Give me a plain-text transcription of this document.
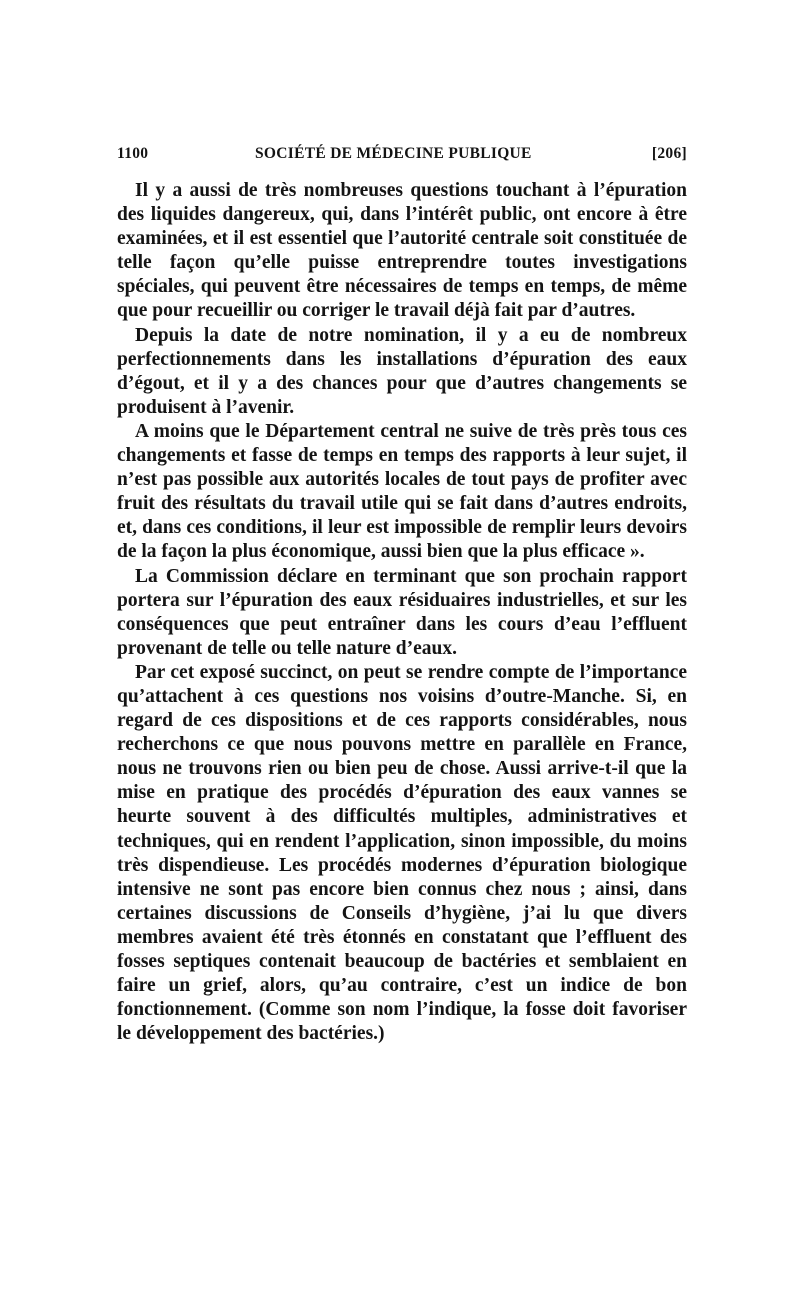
1100	SOCIÉTÉ DE MÉDECINE PUBLIQUE	[206]

Il y a aussi de très nombreuses questions touchant à l’épuration des liquides dangereux, qui, dans l’intérêt public, ont encore à être examinées, et il est essentiel que l’autorité centrale soit constituée de telle façon qu’elle puisse entreprendre toutes investigations spéciales, qui peuvent être nécessaires de temps en temps, de même que pour recueillir ou corriger le travail déjà fait par d’autres.

Depuis la date de notre nomination, il y a eu de nombreux perfectionnements dans les installations d’épuration des eaux d’égout, et il y a des chances pour que d’autres changements se produisent à l’avenir.

A moins que le Département central ne suive de très près tous ces changements et fasse de temps en temps des rapports à leur sujet, il n’est pas possible aux autorités locales de tout pays de profiter avec fruit des résultats du travail utile qui se fait dans d’autres endroits, et, dans ces conditions, il leur est impossible de remplir leurs devoirs de la façon la plus économique, aussi bien que la plus efficace ».

La Commission déclare en terminant que son prochain rapport portera sur l’épuration des eaux résiduaires industrielles, et sur les conséquences que peut entraîner dans les cours d’eau l’effluent provenant de telle ou telle nature d’eaux.

Par cet exposé succinct, on peut se rendre compte de l’importance qu’attachent à ces questions nos voisins d’outre-Manche. Si, en regard de ces dispositions et de ces rapports considérables, nous recherchons ce que nous pouvons mettre en parallèle en France, nous ne trouvons rien ou bien peu de chose. Aussi arrive-t-il que la mise en pratique des procédés d’épuration des eaux vannes se heurte souvent à des difficultés multiples, administratives et techniques, qui en rendent l’application, sinon impossible, du moins très dispendieuse. Les procédés modernes d’épuration biologique intensive ne sont pas encore bien connus chez nous ; ainsi, dans certaines discussions de Conseils d’hygiène, j’ai lu que divers membres avaient été très étonnés en constatant que l’effluent des fosses septiques contenait beaucoup de bactéries et semblaient en faire un grief, alors, qu’au contraire, c’est un indice de bon fonctionnement. (Comme son nom l’indique, la fosse doit favoriser le développement des bactéries.)
